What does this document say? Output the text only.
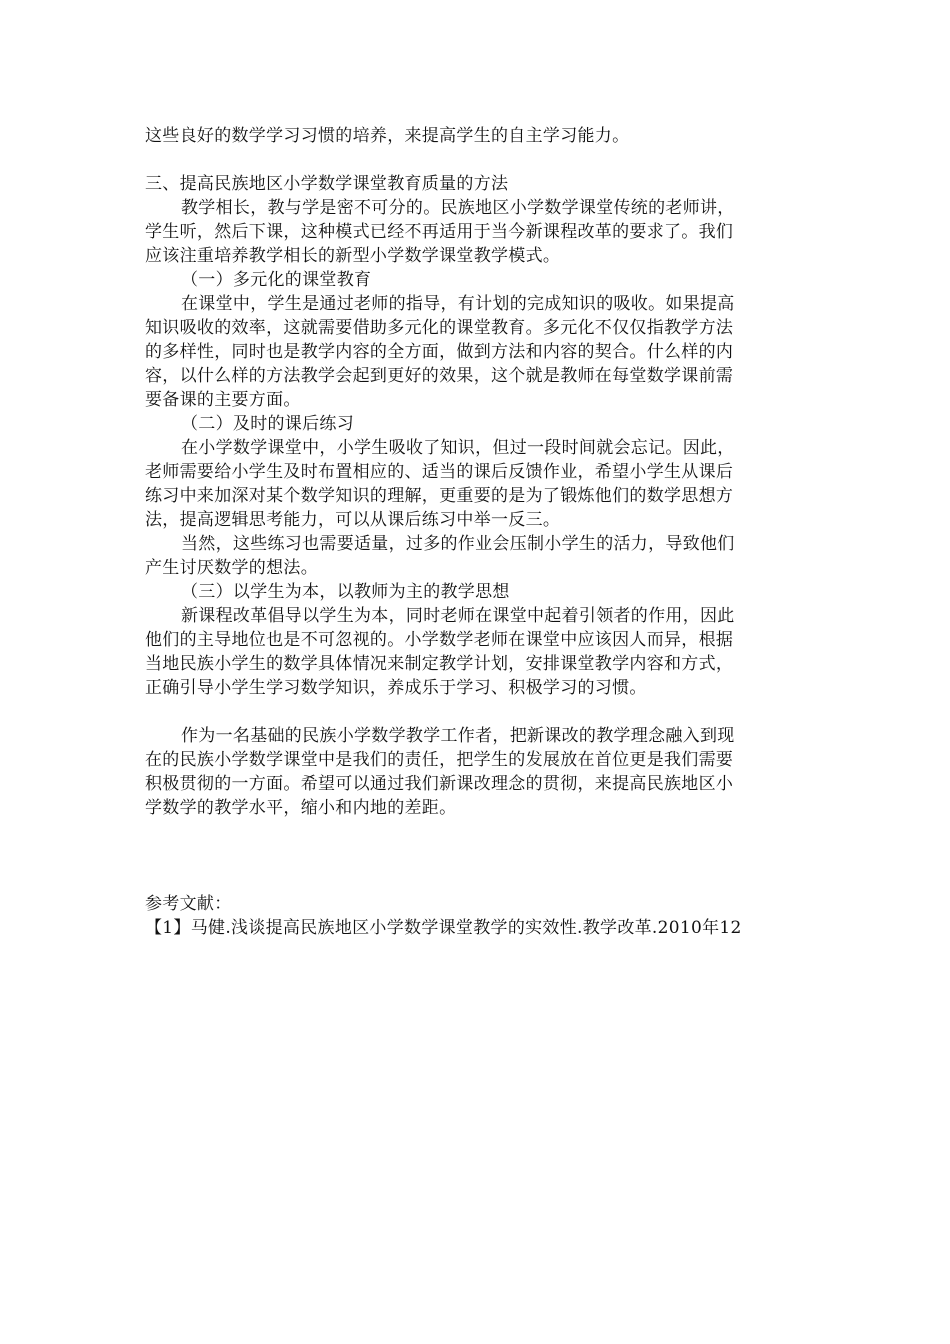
这些良好的数学学习习惯的培养，来提高学生的自主学习能力。
三、提高民族地区小学数学课堂教育质量的方法
教学相长，教与学是密不可分的。民族地区小学数学课堂传统的老师讲，
学生听，然后下课，这种模式已经不再适用于当今新课程改革的要求了。我们
应该注重培养教学相长的新型小学数学课堂教学模式。
（一）多元化的课堂教育
在课堂中，学生是通过老师的指导，有计划的完成知识的吸收。如果提高
知识吸收的效率，这就需要借助多元化的课堂教育。多元化不仅仅指教学方法
的多样性，同时也是教学内容的全方面，做到方法和内容的契合。什么样的内
容，以什么样的方法教学会起到更好的效果，这个就是教师在每堂数学课前需
要备课的主要方面。
（二）及时的课后练习
在小学数学课堂中，小学生吸收了知识，但过一段时间就会忘记。因此，
老师需要给小学生及时布置相应的、适当的课后反馈作业，希望小学生从课后
练习中来加深对某个数学知识的理解，更重要的是为了锻炼他们的数学思想方
法，提高逻辑思考能力，可以从课后练习中举一反三。
当然，这些练习也需要适量，过多的作业会压制小学生的活力，导致他们
产生讨厌数学的想法。
（三）以学生为本，以教师为主的教学思想
新课程改革倡导以学生为本，同时老师在课堂中起着引领者的作用，因此
他们的主导地位也是不可忽视的。小学数学老师在课堂中应该因人而异，根据
当地民族小学生的数学具体情况来制定教学计划，安排课堂教学内容和方式，
正确引导小学生学习数学知识，养成乐于学习、积极学习的习惯。
作为一名基础的民族小学数学教学工作者，把新课改的教学理念融入到现
在的民族小学数学课堂中是我们的责任，把学生的发展放在首位更是我们需要
积极贯彻的一方面。希望可以通过我们新课改理念的贯彻，来提高民族地区小
学数学的教学水平，缩小和内地的差距。
参考文献：
【1】马健.浅谈提高民族地区小学数学课堂教学的实效性.教学改革.2010年12
